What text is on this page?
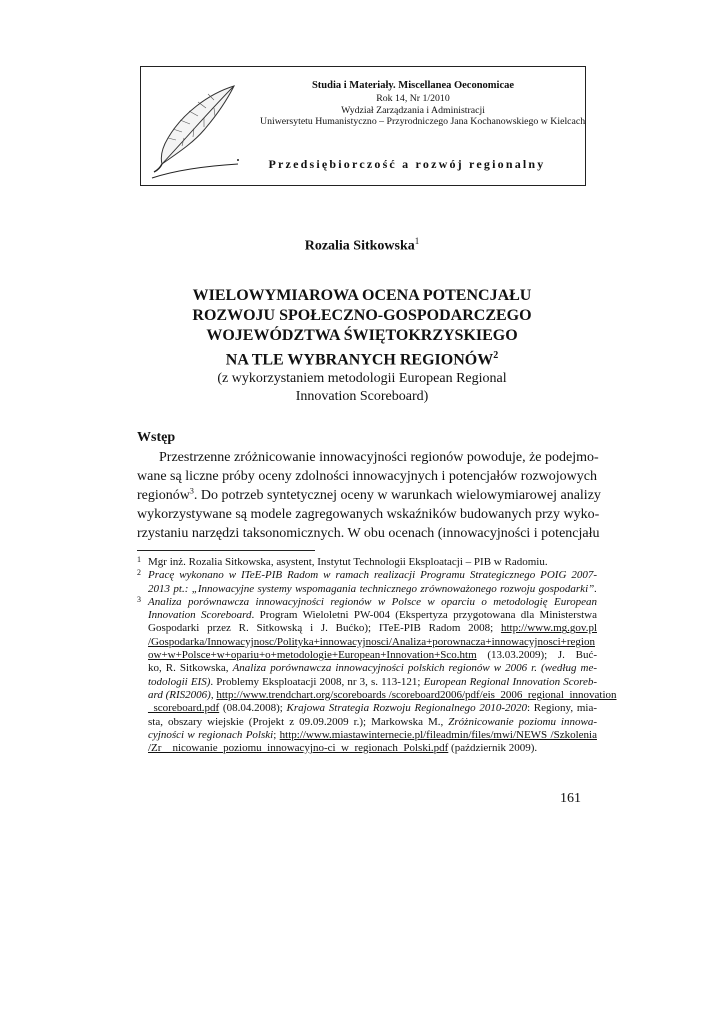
Studia i Materiały. Miscellanea Oeconomicae
Rok 14, Nr 1/2010
Wydział Zarządzania i Administracji
Uniwersytetu Humanistyczno – Przyrodniczego Jana Kochanowskiego w Kielcach
Przedsiębiorczość a rozwój regionalny
Rozalia Sitkowska$^1$
WIELOWYMIAROWA OCENA POTENCJAŁU
ROZWOJU SPOŁECZNO-GOSPODARCZEGO
WOJEWÓDZTWA ŚWIĘTOKRZYSKIEGO
NA TLE WYBRANYCH REGIONÓW$^2$
(z wykorzystaniem metodologii European Regional
Innovation Scoreboard)
Wstęp
Przestrzenne zróżnicowanie innowacyjności regionów powoduje, że podejmo-
wane są liczne próby oceny zdolności innowacyjnych i potencjałów rozwojowych
regionów$^3$. Do potrzeb syntetycznej oceny w warunkach wielowymiarowej analizy
wykorzystywane są modele zagregowanych wskaźników budowanych przy wyko-
rzystaniu narzędzi taksonomicznych. W obu ocenach (innowacyjności i potencjału
1 Mgr inż. Rozalia Sitkowska, asystent, Instytut Technologii Eksploatacji – PIB w Radomiu.
2 Pracę wykonano w ITeE-PIB Radom w ramach realizacji Programu Strategicznego POIG 2007-
2013 pt.: „Innowacyjne systemy wspomagania technicznego zrównoważonego rozwoju gospodarki”.
3 Analiza porównawcza innowacyjności regionów w Polsce w oparciu o metodologię European
Innovation Scoreboard. Program Wieloletni PW-004 (Ekspertyza przygotowana dla Ministerstwa
Gospodarki przez R. Sitkowską i J. Bućko); ITeE-PIB Radom 2008; http://www.mg.gov.pl
/Gospodarka/Innowacyjnosc/Polityka+innowacyjnosci/Analiza+porownacza+innowacyjnosci+region
ow+w+Polsce+w+opariu+o+metodologie+European+Innovation+Sco.htm (13.03.2009); J. Buć-
ko, R. Sitkowska, Analiza porównawcza innowacyjności polskich regionów w 2006 r. (według me-
todologii EIS). Problemy Eksploatacji 2008, nr 3, s. 113-121; European Regional Innovation Scoreb-
ard (RIS2006), http://www.trendchart.org/scoreboards /scoreboard2006/pdf/eis_2006_regional_innovation
_scoreboard.pdf (08.04.2008); Krajowa Strategia Rozwoju Regionalnego 2010-2020: Regiony, mia-
sta, obszary wiejskie (Projekt z 09.09.2009 r.); Markowska M., Zróżnicowanie poziomu innowa-
cyjności w regionach Polski; http://www.miastawinternecie.pl/fileadmin/files/mwi/NEWS /Szkolenia
/Zr__nicowanie_poziomu_innowacyjno-ci_w_regionach_Polski.pdf (październik 2009).
161
